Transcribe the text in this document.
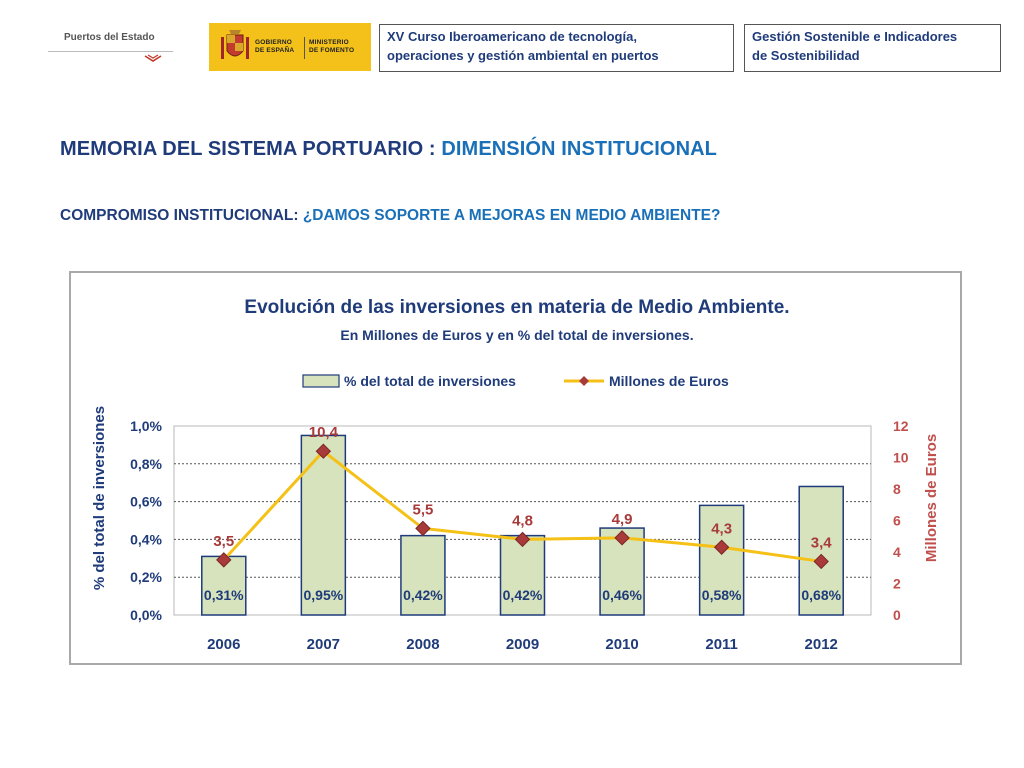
Puertos del Estado	GOBIERNO
DE ESPAÑA
MINISTERIO
DE FOMENTO
XV Curso Iberoamericano de tecnología,
operaciones y gestión ambiental en puertos
Gestión Sostenible e Indicadores
de Sostenibilidad
MEMORIA DEL SISTEMA PORTUARIO : DIMENSIÓN INSTITUCIONAL
COMPROMISO INSTITUCIONAL: ¿DAMOS SOPORTE A MEJORAS EN MEDIO AMBIENTE?
Evolución de las inversiones en materia de Medio Ambiente.
En Millones de Euros y en % del total de inversiones.
% del total de inversiones	Millones de Euros
% del total de inversiones	Millones de Euros
0,0%
0,2%
0,4%
0,6%
0,8%
1,0%
0
2
4
6
8
10
12
0,31%	0,95%	0,42%	0,42%	0,46%	0,58%	0,68%
2006	2007	2008	2009	2010	2011	2012
3,5
10,4
5,5
4,8	4,9
4,3
3,4
